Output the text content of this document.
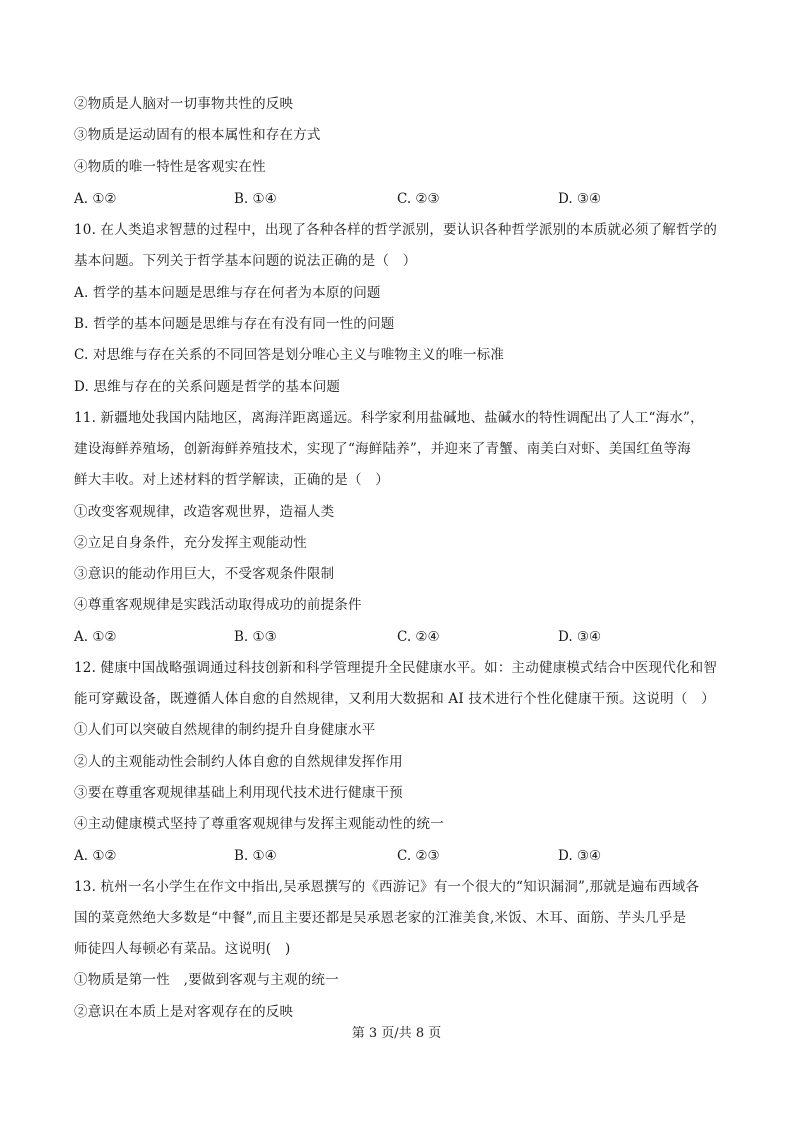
②物质是人脑对一切事物共性的反映
③物质是运动固有的根本属性和存在方式
④物质的唯一特性是客观实在性
A. ①②	B. ①④	C. ②③	D. ③④
10. 在人类追求智慧的过程中，出现了各种各样的哲学派别，要认识各种哲学派别的本质就必须了解哲学的
基本问题。下列关于哲学基本问题的说法正确的是（　）
A. 哲学的基本问题是思维与存在何者为本原的问题
B. 哲学的基本问题是思维与存在有没有同一性的问题
C. 对思维与存在关系的不同回答是划分唯心主义与唯物主义的唯一标准
D. 思维与存在的关系问题是哲学的基本问题
11. 新疆地处我国内陆地区，离海洋距离遥远。科学家利用盐碱地、盐碱水的特性调配出了人工“海水”，
建设海鲜养殖场，创新海鲜养殖技术，实现了“海鲜陆养”，并迎来了青蟹、南美白对虾、美国红鱼等海
鲜大丰收。对上述材料的哲学解读，正确的是（　）
①改变客观规律，改造客观世界，造福人类
②立足自身条件，充分发挥主观能动性
③意识的能动作用巨大，不受客观条件限制
④尊重客观规律是实践活动取得成功的前提条件
A. ①②	B. ①③	C. ②④	D. ③④
12. 健康中国战略强调通过科技创新和科学管理提升全民健康水平。如：主动健康模式结合中医现代化和智
能可穿戴设备，既遵循人体自愈的自然规律，又利用大数据和 AI 技术进行个性化健康干预。这说明（　）
①人们可以突破自然规律的制约提升自身健康水平
②人的主观能动性会制约人体自愈的自然规律发挥作用
③要在尊重客观规律基础上利用现代技术进行健康干预
④主动健康模式坚持了尊重客观规律与发挥主观能动性的统一
A. ①②	B. ①④	C. ②③	D. ③④
13. 杭州一名小学生在作文中指出,吴承恩撰写的《西游记》有一个很大的“知识漏洞”,那就是遍布西域各
国的菜竟然绝大多数是“中餐”,而且主要还都是吴承恩老家的江淮美食,米饭、木耳、面筋、芋头几乎是
师徒四人每顿必有菜品。这说明(　)
①物质是第一性　,要做到客观与主观的统一
②意识在本质上是对客观存在的反映
第 3 页/共 8 页
